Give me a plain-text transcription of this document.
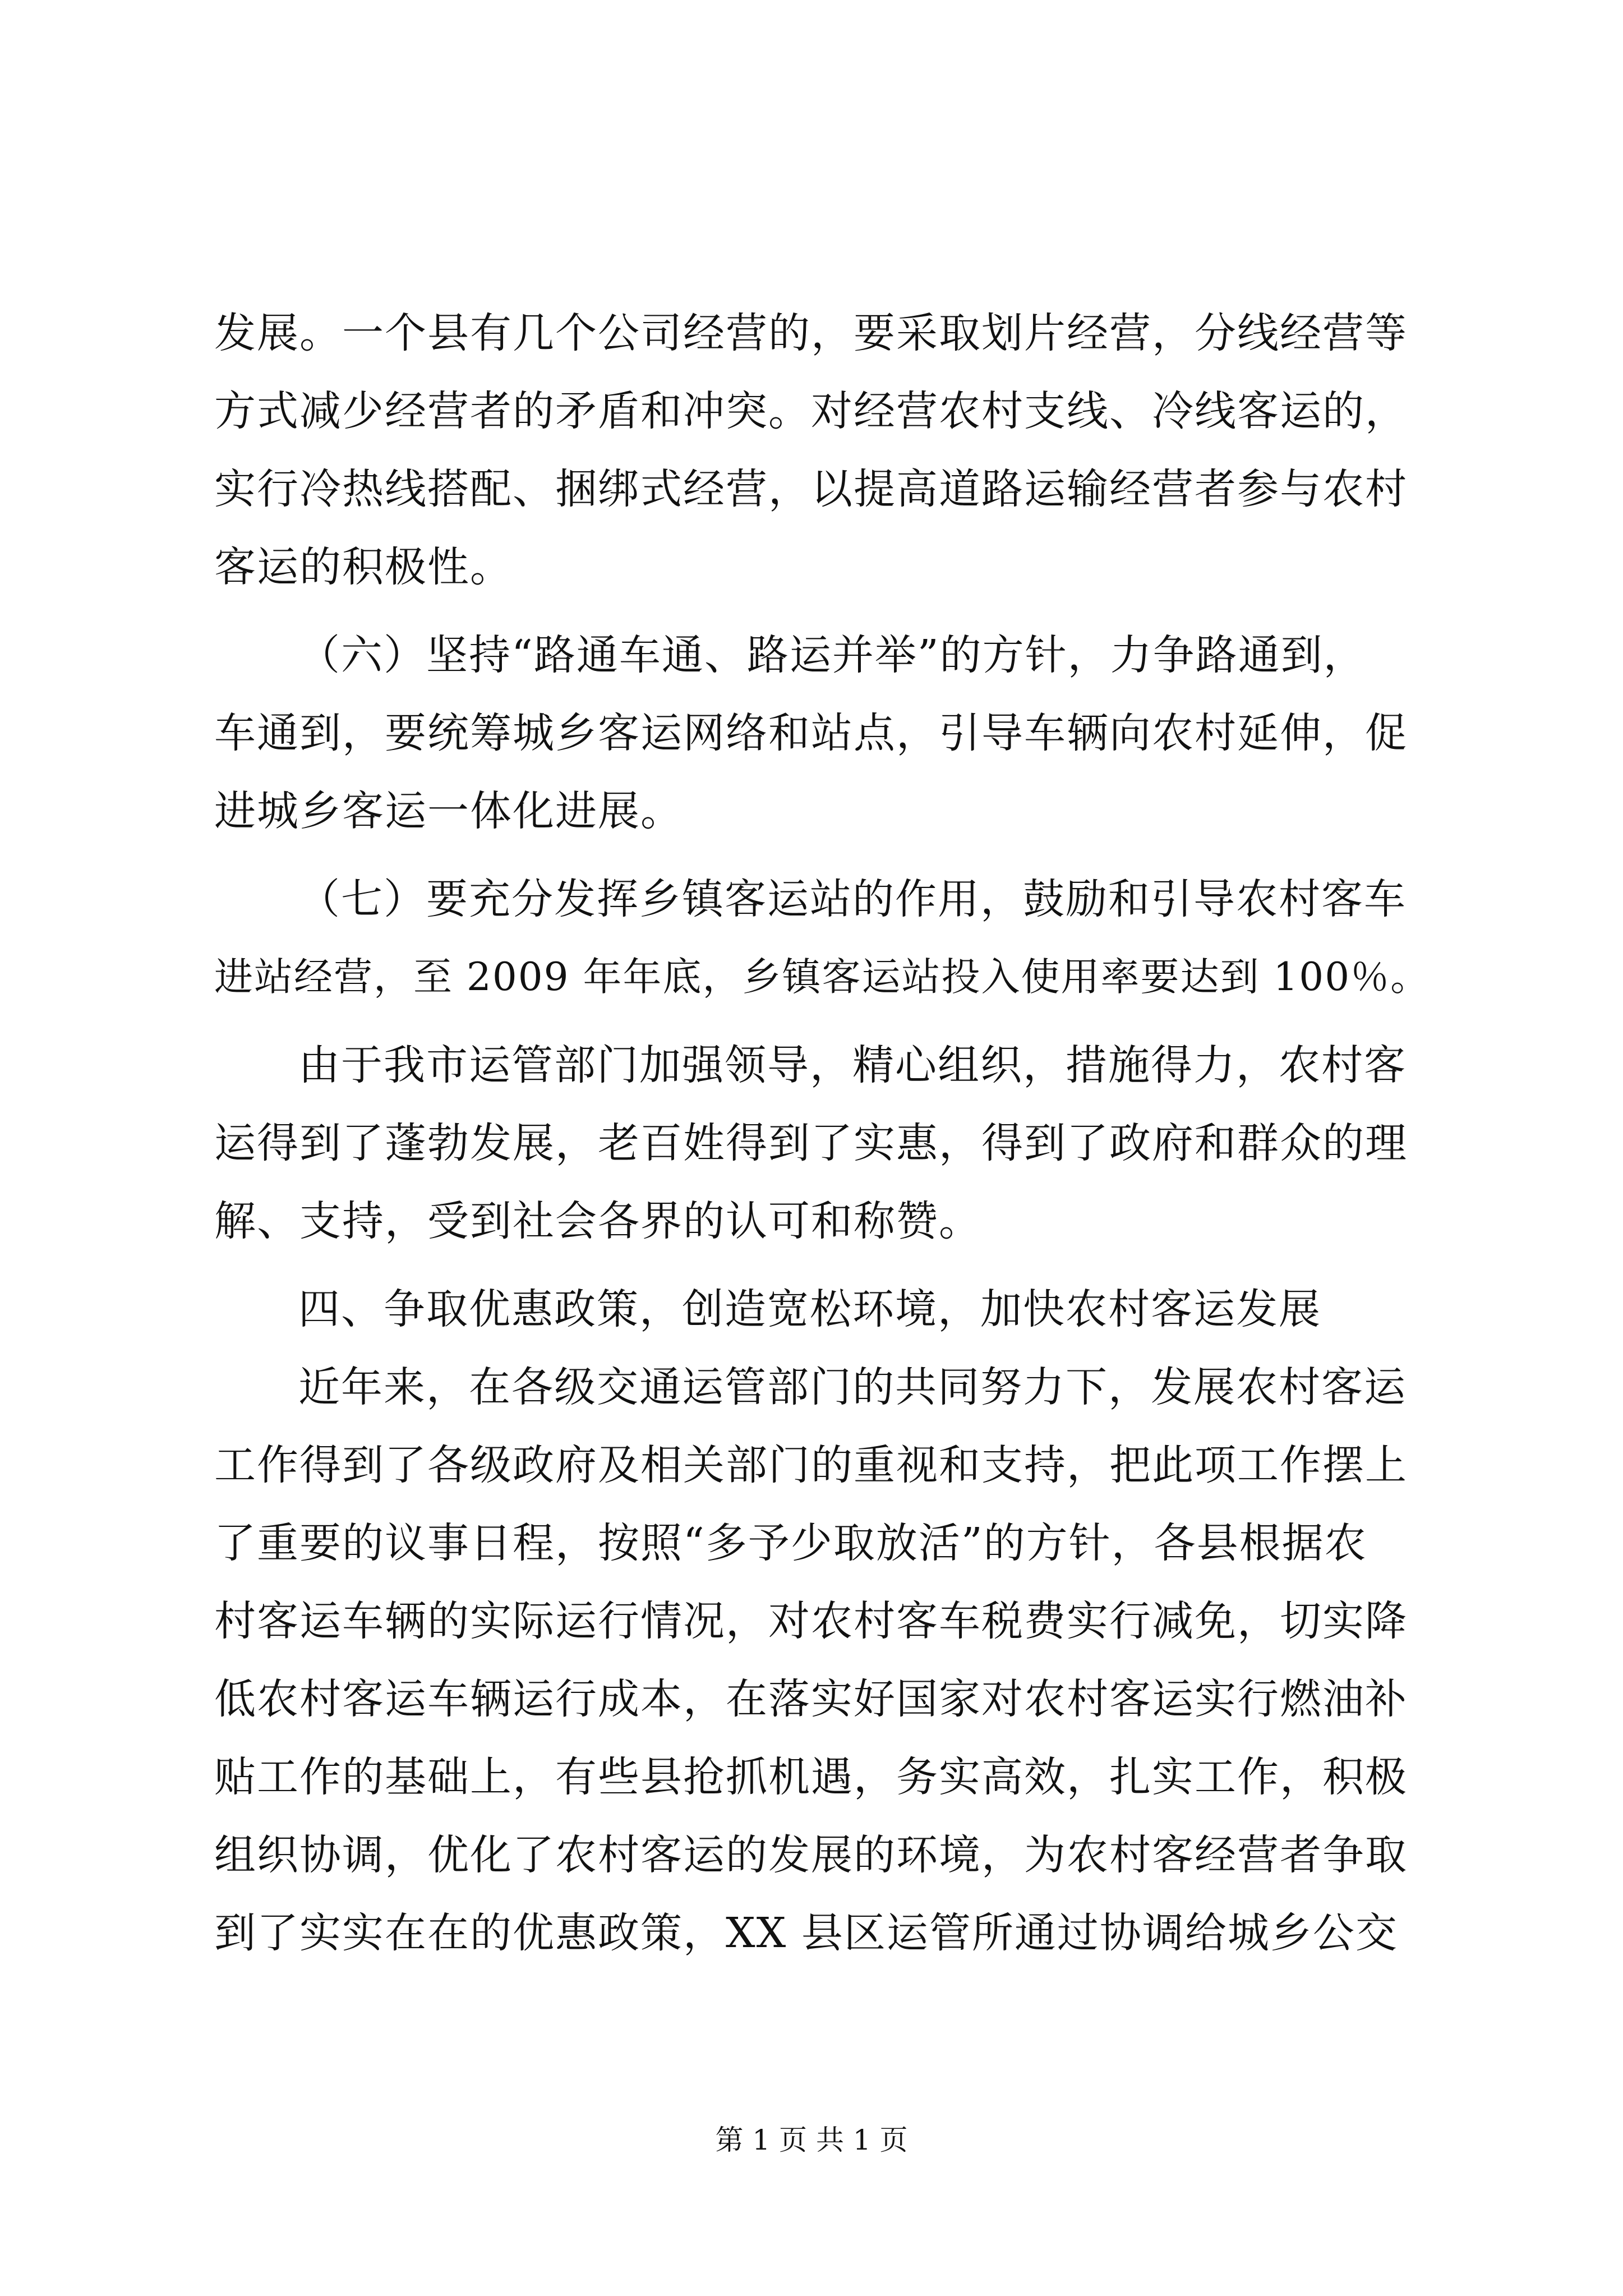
发展。一个县有几个公司经营的，要采取划片经营，分线经营等
方式减少经营者的矛盾和冲突。对经营农村支线、冷线客运的，
实行冷热线搭配、捆绑式经营，以提高道路运输经营者参与农村
客运的积极性。
（六）坚持“路通车通、路运并举”的方针，力争路通到，
车通到，要统筹城乡客运网络和站点，引导车辆向农村延伸，促
进城乡客运一体化进展。
（七）要充分发挥乡镇客运站的作用，鼓励和引导农村客车
进站经营，至 2009 年年底，乡镇客运站投入使用率要达到 100％。
由于我市运管部门加强领导，精心组织，措施得力，农村客
运得到了蓬勃发展，老百姓得到了实惠，得到了政府和群众的理
解、支持，受到社会各界的认可和称赞。
四、争取优惠政策，创造宽松环境，加快农村客运发展
近年来，在各级交通运管部门的共同努力下，发展农村客运
工作得到了各级政府及相关部门的重视和支持，把此项工作摆上
了重要的议事日程，按照“多予少取放活”的方针，各县根据农
村客运车辆的实际运行情况，对农村客车税费实行减免，切实降
低农村客运车辆运行成本，在落实好国家对农村客运实行燃油补
贴工作的基础上，有些县抢抓机遇，务实高效，扎实工作，积极
组织协调，优化了农村客运的发展的环境，为农村客经营者争取
到了实实在在的优惠政策，XX 县区运管所通过协调给城乡公交
第 1 页 共 1 页
